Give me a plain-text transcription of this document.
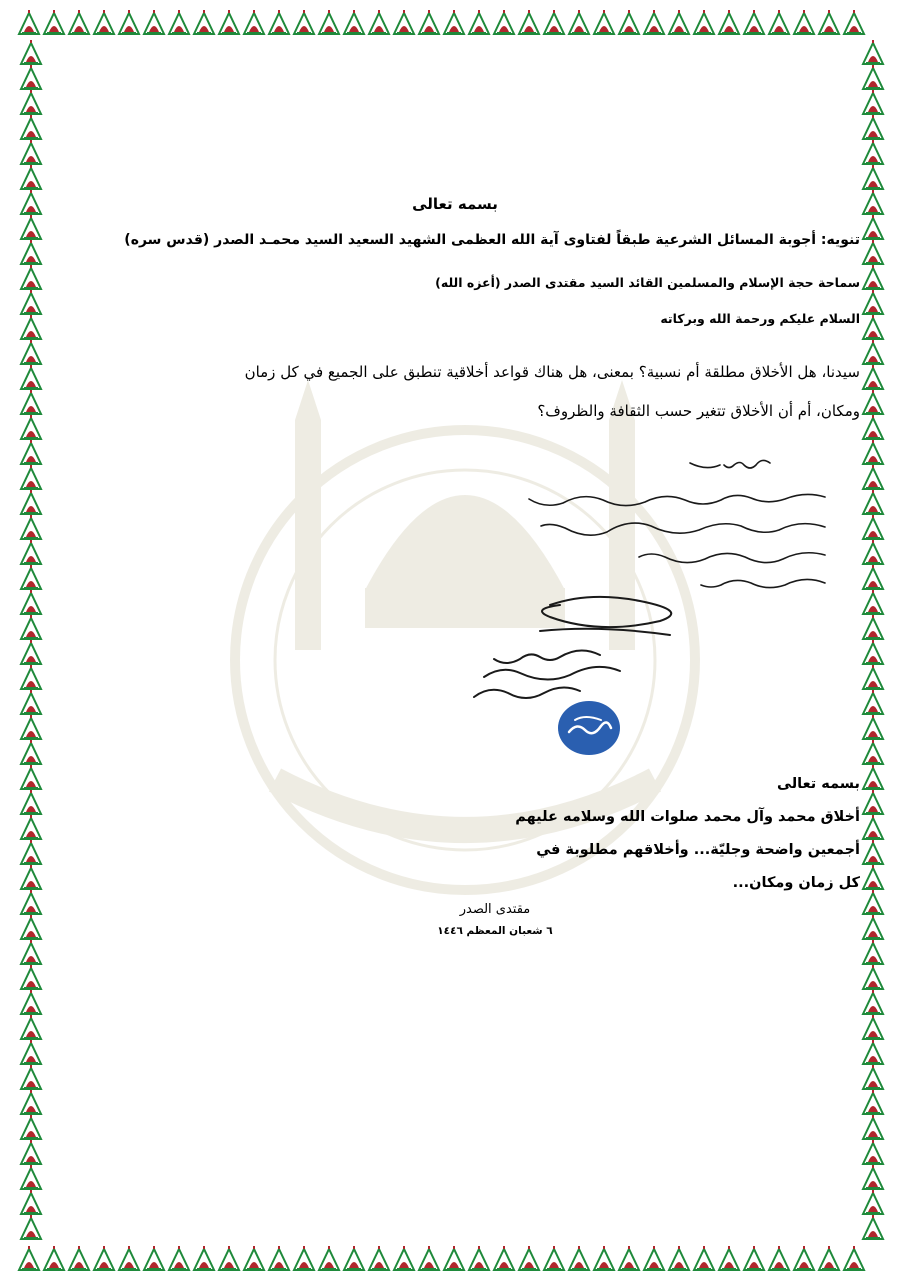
بسمه تعالى
تنويه: أجوبة المسائل الشرعية طبقاً لفتاوى آية الله العظمى الشهيد السعيد السيد محمـد الصدر (قدس سره)
سماحة حجة الإسلام والمسلمين القائد السيد مقتدى الصدر (أعزه الله)
السلام عليكم ورحمة الله وبركاته
سيدنا، هل الأخلاق مطلقة أم نسبية؟ بمعنى، هل هناك قواعد أخلاقية تنطبق على الجميع في كل زمان
ومكان، أم أن الأخلاق تتغير حسب الثقافة والظروف؟
بسمه تعالى
أخلاق محمد وآل محمد صلوات الله وسلامه عليهم
أجمعين واضحة وجليّة... وأخلاقهم مطلوبة في
كل زمان ومكان...
مقتدى الصدر
٦ شعبان المعظم ١٤٤٦
